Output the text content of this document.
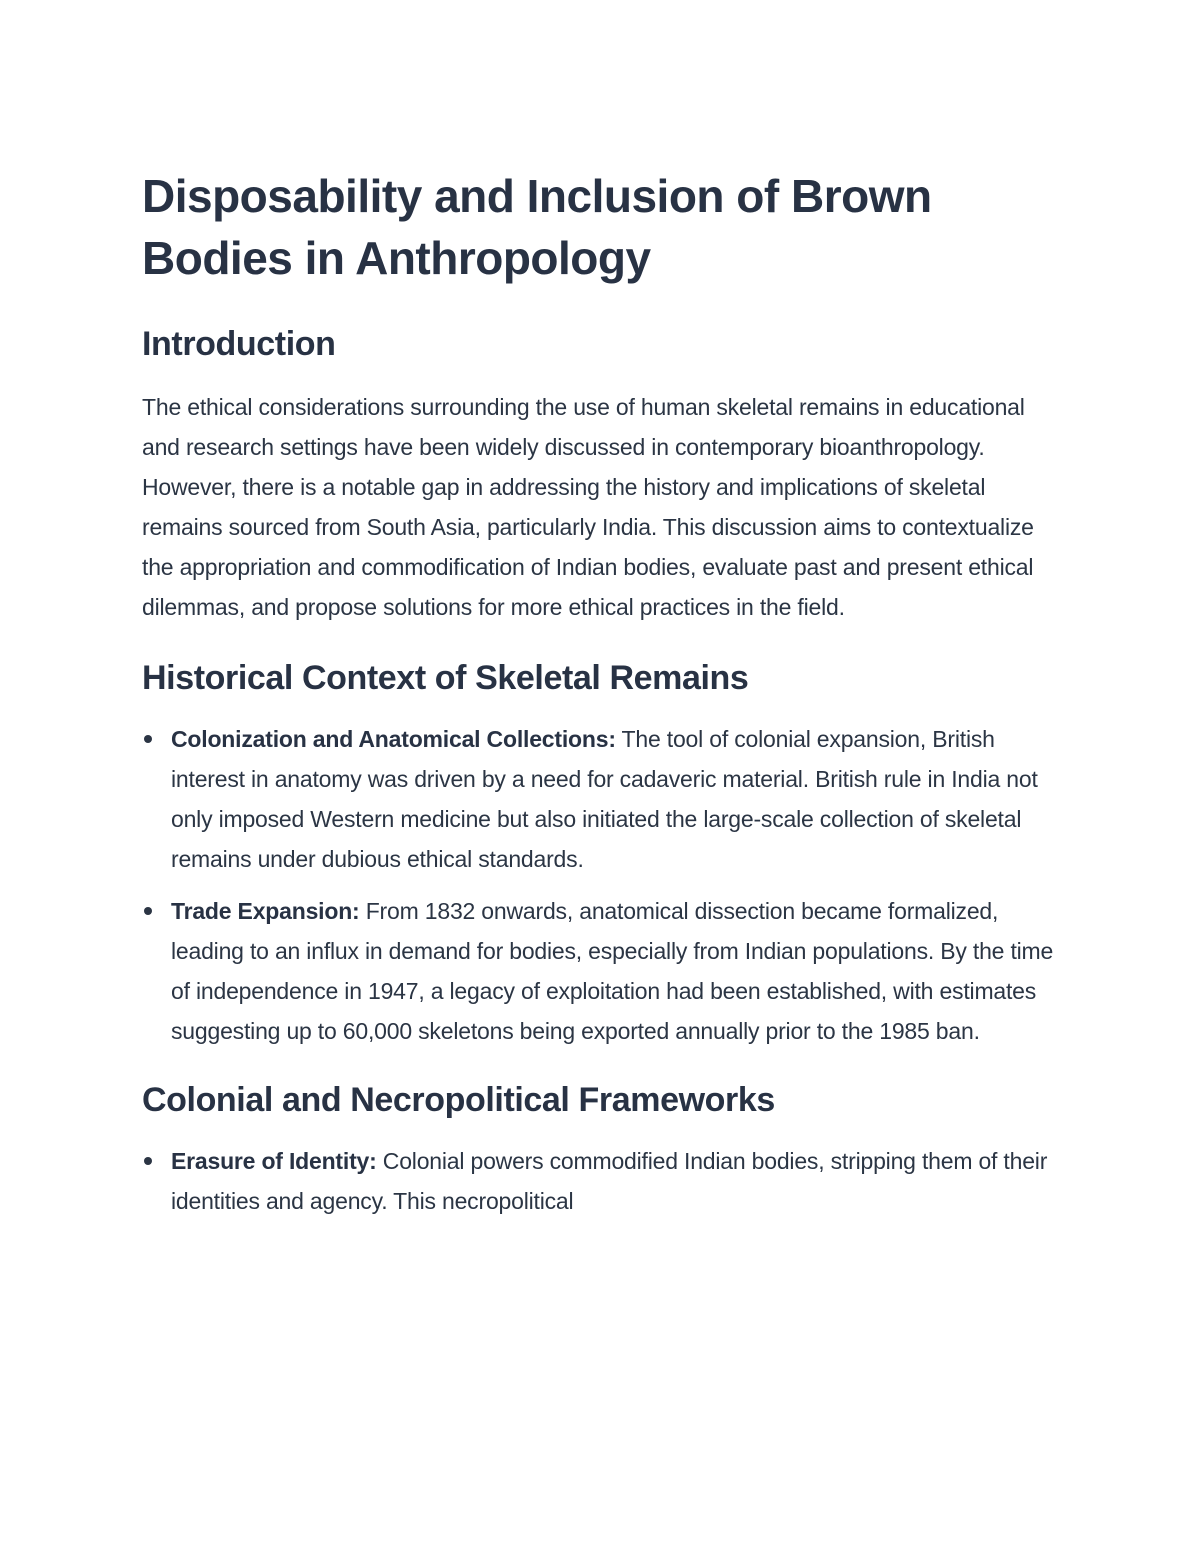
Disposability and Inclusion of Brown Bodies in Anthropology
Introduction

The ethical considerations surrounding the use of human skeletal remains in educational and research settings have been widely discussed in contemporary bioanthropology. However, there is a notable gap in addressing the history and implications of skeletal remains sourced from South Asia, particularly India. This discussion aims to contextualize the appropriation and commodification of Indian bodies, evaluate past and present ethical dilemmas, and propose solutions for more ethical practices in the field.

Historical Context of Skeletal Remains
Colonization and Anatomical Collections: The tool of colonial expansion, British interest in anatomy was driven by a need for cadaveric material. British rule in India not only imposed Western medicine but also initiated the large-scale collection of skeletal remains under dubious ethical standards.
Trade Expansion: From 1832 onwards, anatomical dissection became formalized, leading to an influx in demand for bodies, especially from Indian populations. By the time of independence in 1947, a legacy of exploitation had been established, with estimates suggesting up to 60,000 skeletons being exported annually prior to the 1985 ban.
Colonial and Necropolitical Frameworks
Erasure of Identity: Colonial powers commodified Indian bodies, stripping them of their identities and agency. This necropolitical
